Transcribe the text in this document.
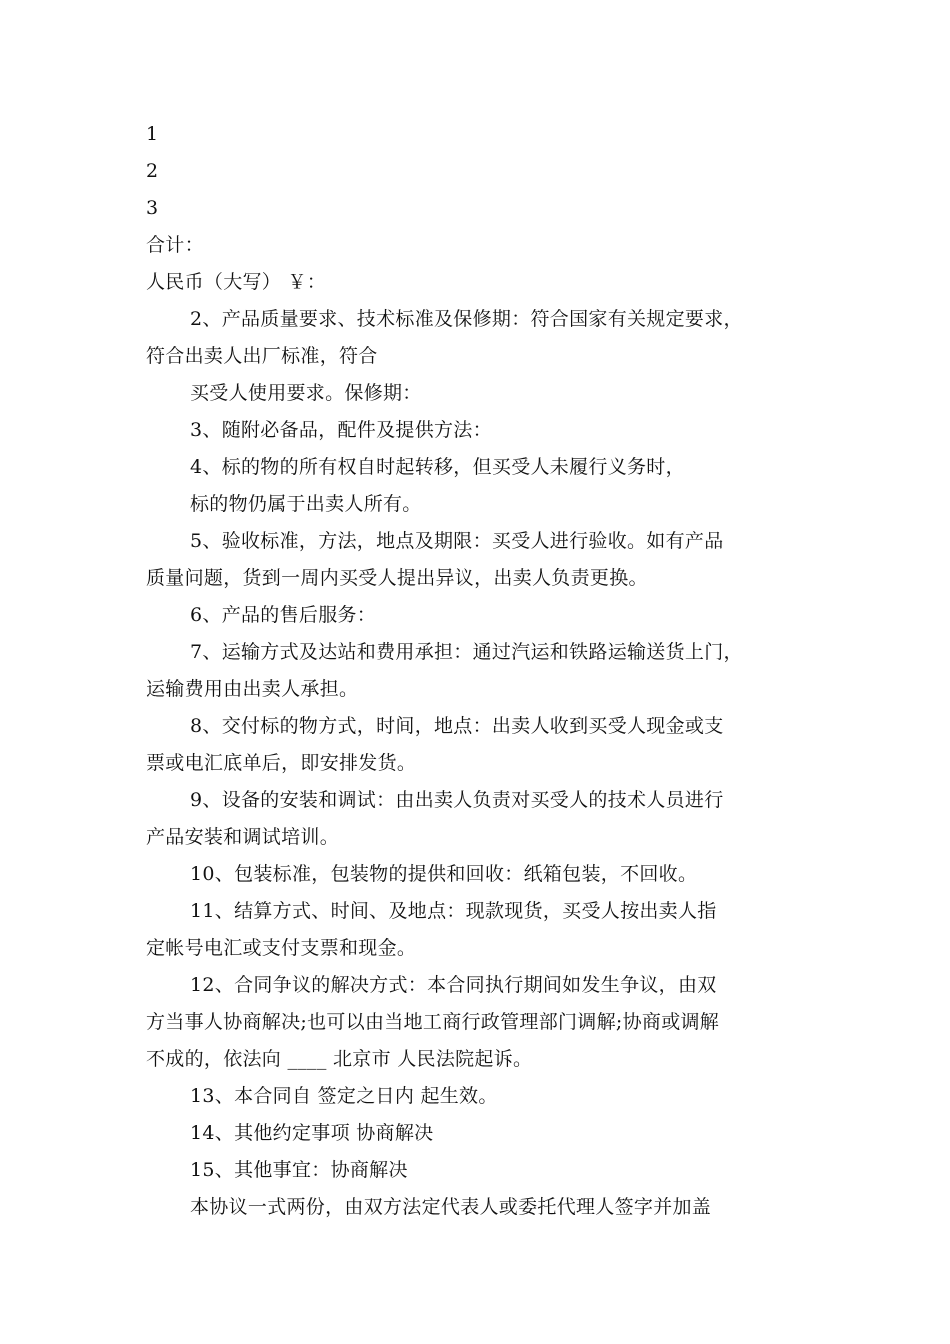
1
2
3
合计：
人民币（大写） ￥：
2、产品质量要求、技术标准及保修期：符合国家有关规定要求，
符合出卖人出厂标准，符合
买受人使用要求。保修期：
3、随附必备品，配件及提供方法：
4、标的物的所有权自时起转移，但买受人未履行义务时，
标的物仍属于出卖人所有。
5、验收标准，方法，地点及期限：买受人进行验收。如有产品
质量问题，货到一周内买受人提出异议，出卖人负责更换。
6、产品的售后服务：
7、运输方式及达站和费用承担：通过汽运和铁路运输送货上门，
运输费用由出卖人承担。
8、交付标的物方式，时间，地点：出卖人收到买受人现金或支
票或电汇底单后，即安排发货。
9、设备的安装和调试：由出卖人负责对买受人的技术人员进行
产品安装和调试培训。
10、包装标准，包装物的提供和回收：纸箱包装，不回收。
11、结算方式、时间、及地点：现款现货，买受人按出卖人指
定帐号电汇或支付支票和现金。
12、合同争议的解决方式：本合同执行期间如发生争议，由双
方当事人协商解决;也可以由当地工商行政管理部门调解;协商或调解
不成的，依法向 ____ 北京市 人民法院起诉。
13、本合同自 签定之日内 起生效。
14、其他约定事项 协商解决
15、其他事宜：协商解决
本协议一式两份，由双方法定代表人或委托代理人签字并加盖
